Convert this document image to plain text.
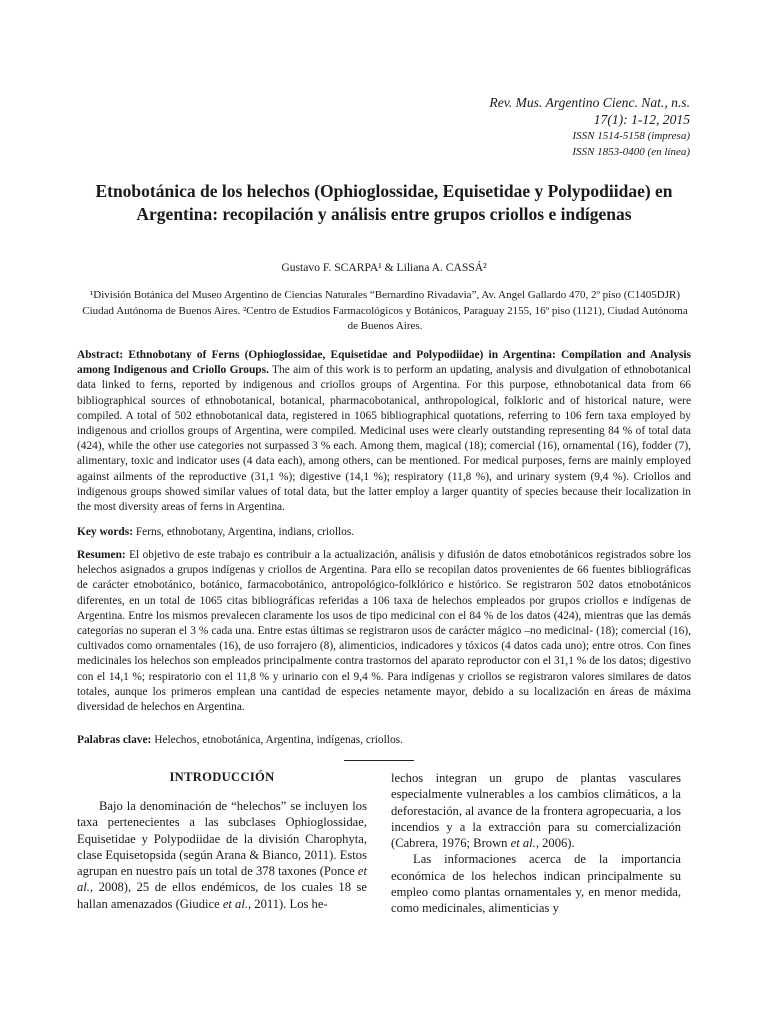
Rev. Mus. Argentino Cienc. Nat., n.s.
17(1): 1-12, 2015
ISSN 1514-5158 (impresa)
ISSN 1853-0400 (en línea)
Etnobotánica de los helechos (Ophioglossidae, Equisetidae y Polypodiidae) en Argentina: recopilación y análisis entre grupos criollos e indígenas
Gustavo F. SCARPA¹ & Liliana A. CASSÁ²
¹División Botánica del Museo Argentino de Ciencias Naturales “Bernardino Rivadavia”, Av. Angel Gallardo 470, 2º piso (C1405DJR) Ciudad Autónoma de Buenos Aires. ²Centro de Estudios Farmacológicos y Botánicos, Paraguay 2155, 16º piso (1121), Ciudad Autónoma de Buenos Aires.

Abstract: Ethnobotany of Ferns (Ophioglossidae, Equisetidae and Polypodiidae) in Argentina: Compilation and Analysis among Indigenous and Criollo Groups. The aim of this work is to perform an updating, analysis and divulgation of ethnobotanical data linked to ferns, reported by indigenous and criollos groups of Argentina. For this purpose, ethnobotanical data from 66 bibliographical sources of ethnobotanical, botanical, pharmacobotanical, anthropological, folkloric and of historical nature, were compiled. A total of 502 ethnobotanical data, registered in 1065 bibliographical quotations, referring to 106 fern taxa employed by indigenous and criollos groups of Argentina, were compiled. Medicinal uses were clearly outstanding representing 84 % of total data (424), while the other use categories not surpassed 3 % each. Among them, magical (18); comercial (16), ornamental (16), fodder (7), alimentary, toxic and indicator uses (4 data each), among others, can be mentioned. For medical purposes, ferns are mainly employed against ailments of the reproductive (31,1 %); digestive (14,1 %); respiratory (11,8 %), and urinary system (9,4 %). Criollos and indigenous groups showed similar values of total data, but the latter employ a larger quantity of species because their localization in the most diversity areas of ferns in Argentina.

Key words: Ferns, ethnobotany, Argentina, indians, criollos.

Resumen: El objetivo de este trabajo es contribuir a la actualización, análisis y difusión de datos etnobotánicos registrados sobre los helechos asignados a grupos indígenas y criollos de Argentina. Para ello se recopilan datos provenientes de 66 fuentes bibliográficas de carácter etnobotánico, botánico, farmacobotánico, antropológico-folklórico e histórico. Se registraron 502 datos etnobotánicos diferentes, en un total de 1065 citas bibliográficas referidas a 106 taxa de helechos empleados por grupos criollos e indígenas de Argentina. Entre los mismos prevalecen claramente los usos de tipo medicinal con el 84 % de los datos (424), mientras que las demás categorías no superan el 3 % cada una. Entre estas últimas se registraron usos de carácter mágico –no medicinal- (18); comercial (16), cultivados como ornamentales (16), de uso forrajero (8), alimenticios, indicadores y tóxicos (4 datos cada uno); entre otros. Con fines medicinales los helechos son empleados principalmente contra trastornos del aparato reproductor con el 31,1 % de los datos; digestivo con el 14,1 %; respiratorio con el 11,8 % y urinario con el 9,4 %. Para indígenas y criollos se registraron valores similares de datos totales, aunque los primeros emplean una cantidad de especies netamente mayor, debido a su localización en áreas de máxima diversidad de helechos en Argentina.

Palabras clave: Helechos, etnobotánica, Argentina, indígenas, criollos.

INTRODUCCIÓN

Bajo la denominación de “helechos” se incluyen los taxa pertenecientes a las subclases Ophioglossidae, Equisetidae y Polypodiidae de la división Charophyta, clase Equisetopsida (según Arana & Bianco, 2011). Estos agrupan en nuestro país un total de 378 taxones (Ponce et al., 2008), 25 de ellos endémicos, de los cuales 18 se hallan amenazados (Giudice et al., 2011). Los he-

lechos integran un grupo de plantas vasculares especialmente vulnerables a los cambios climáticos, a la deforestación, al avance de la frontera agropecuaria, a los incendios y a la extracción para su comercialización (Cabrera, 1976; Brown et al., 2006).

Las informaciones acerca de la importancia económica de los helechos indican principalmente su empleo como plantas ornamentales y, en menor medida, como medicinales, alimenticias y
